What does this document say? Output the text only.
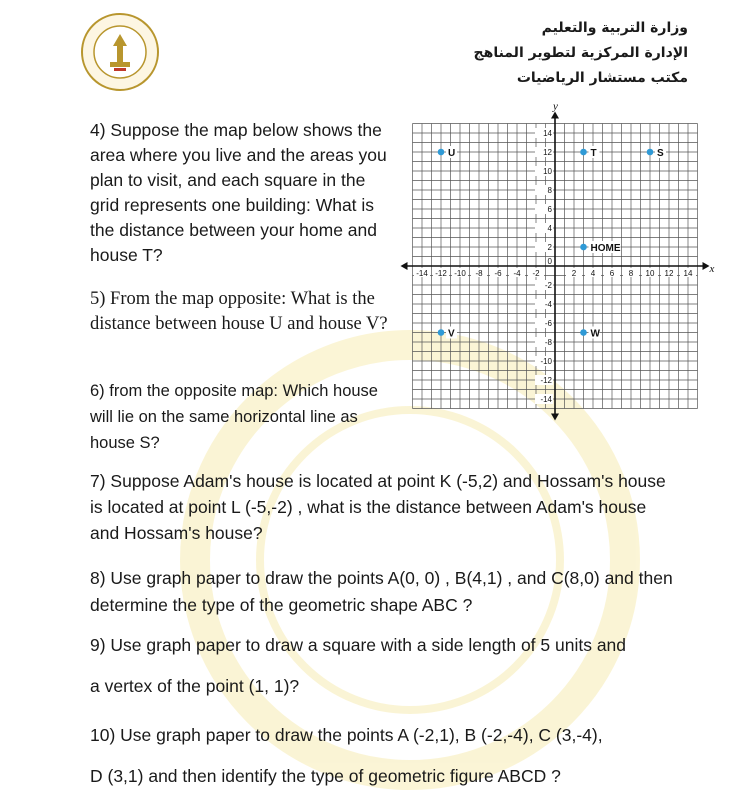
وزارة التربية والتعليم
الإدارة المركزية لتطوير المناهج
مكتب مستشار الرياضيات
4) Suppose the map below shows the area where you live and the areas you plan to visit, and each square in the grid represents one building: What is the distance between your home and house T?
5) From the map opposite: What is the distance between house U and house V?
6) from the opposite map: Which house will lie on the same horizontal line as house S?
7) Suppose Adam's house is located at point K (-5,2) and Hossam's house is located at point L (-5,-2) , what is the distance between Adam's house and Hossam's house?
8) Use graph paper to draw the points A(0, 0) , B(4,1) , and C(8,0) and then determine the type of the geometric shape ABC ?
9) Use graph paper to draw a square with a side length of 5 units and
a vertex of the point (1, 1)?
10) Use graph paper to draw the points A (-2,1), B (-2,-4), C (3,-4),
D (3,1) and then identify the type of geometric figure ABCD ?
x
y
-14 -12 -10 -8 -6 -4 -2	2 4 6 8 10 12 14
14
12
10
8
6
4
2
-2
-4
-6
-8
-10
-12
-14
0
U	T	S
HOME
V	W
